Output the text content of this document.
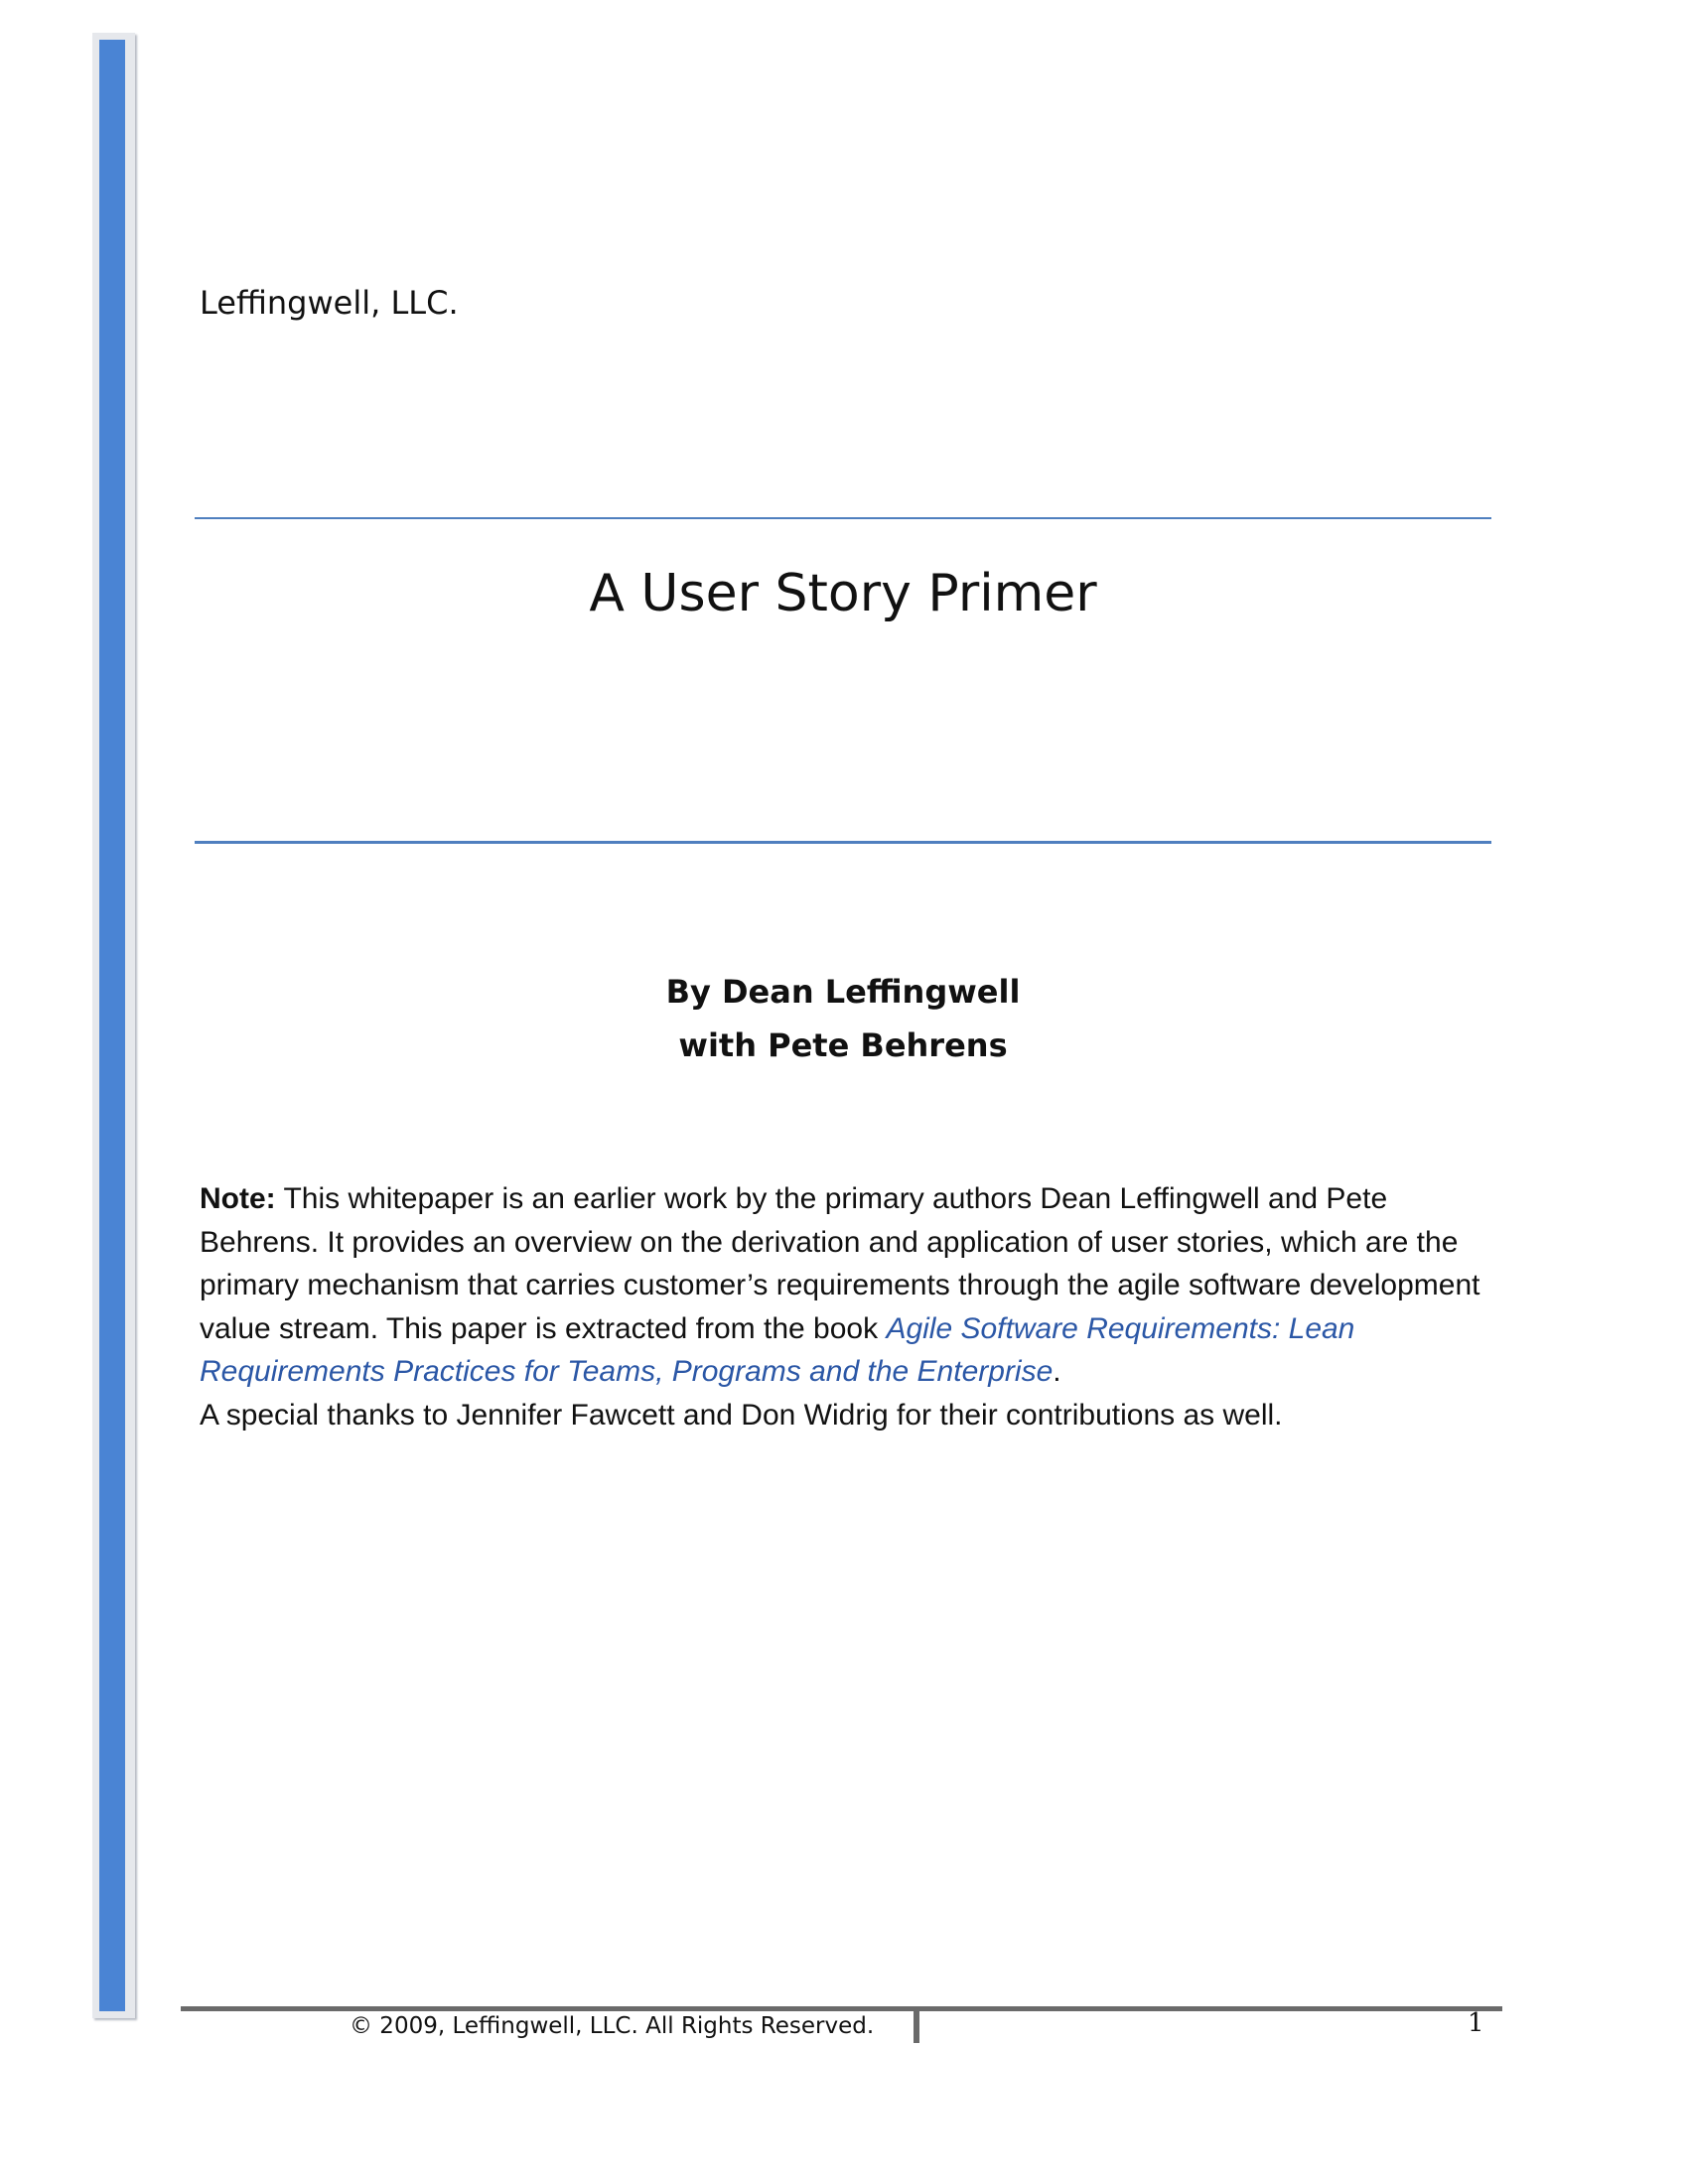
Leffingwell, LLC.
A User Story Primer
By Dean Leffingwell
with Pete Behrens
Note: This whitepaper is an earlier work by the primary authors Dean Leffingwell and Pete Behrens. It provides an overview on the derivation and application of user stories, which are the primary mechanism that carries customer’s requirements through the agile software development value stream. This paper is extracted from the book Agile Software Requirements: Lean Requirements Practices for Teams, Programs and the Enterprise.
A special thanks to Jennifer Fawcett and Don Widrig for their contributions as well.
© 2009, Leffingwell, LLC. All Rights Reserved.	1
